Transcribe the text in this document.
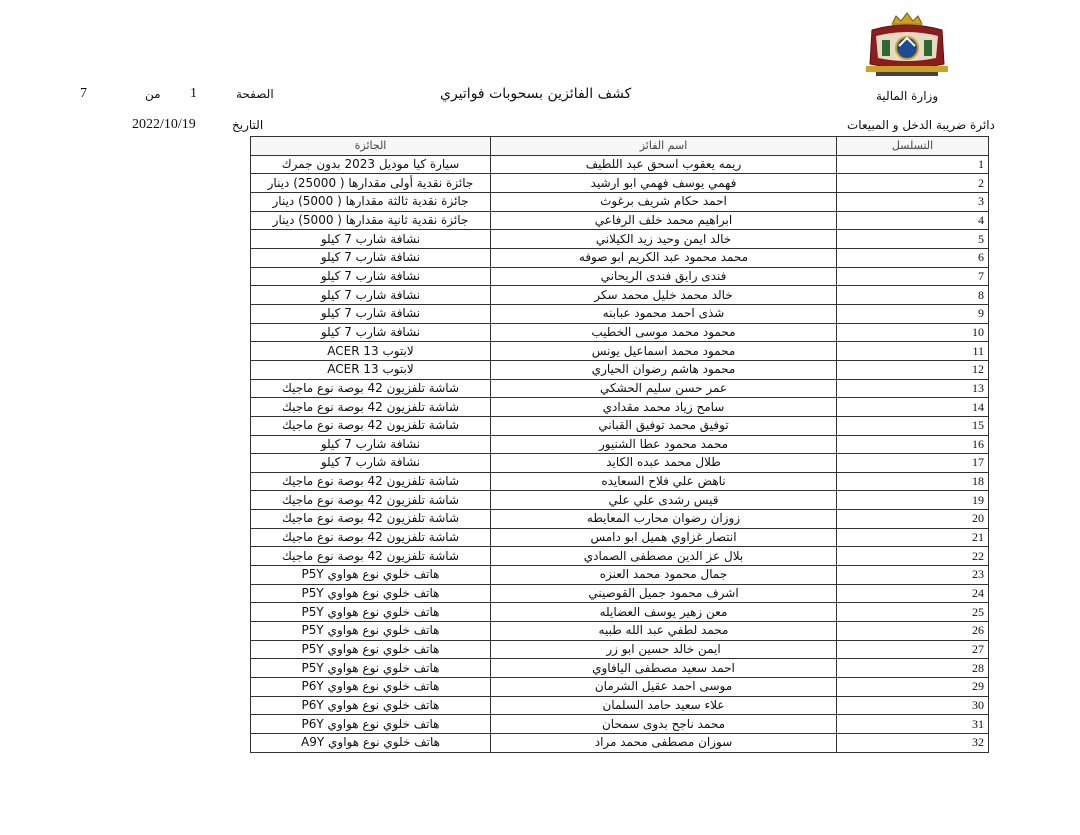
وزارة المالية
دائرة ضريبة الدخل و المبيعات
كشف الفائزين بسحوبات فواتيري
الصفحة
1
من
7
التاريخ
2022/10/19
التسلسل	اسم الفائز	الجائزة
1	ريمه يعقوب اسحق عبد اللطيف	سيارة كيا موديل 2023 بدون جمرك
2	فهمي يوسف فهمي ابو ارشيد	جائزة نقدية أولى مقدارها ( 25000) دينار
3	احمد حكام شريف برغوث	جائزة نقدية ثالثة مقدارها ( 5000) دينار
4	ابراهيم محمد خلف الرفاعي	جائزة نقدية ثانية مقدارها ( 5000) دينار
5	خالد ايمن وحيد زيد الكيلاني	نشافة شارب 7 كيلو
6	محمد محمود عبد الكريم ابو صوفه	نشافة شارب 7 كيلو
7	فندى رايق فندى الريحاني	نشافة شارب 7 كيلو
8	خالد محمد خليل محمد سكر	نشافة شارب 7 كيلو
9	شذى احمد محمود عبابنه	نشافة شارب 7 كيلو
10	محمود محمد موسى الخطيب	نشافة شارب 7 كيلو
11	محمود محمد اسماعيل يونس	لابتوب ACER 13
12	محمود هاشم رضوان الحياري	لابتوب ACER 13
13	عمر حسن سليم الحشكي	شاشة تلفزيون 42 بوصة نوع ماجيك
14	سامح زياد محمد مقدادي	شاشة تلفزيون 42 بوصة نوع ماجيك
15	توفيق محمد توفيق القباني	شاشة تلفزيون 42 بوصة نوع ماجيك
16	محمد محمود عطا الشنيور	نشافة شارب 7 كيلو
17	طلال محمد عبده الكايد	نشافة شارب 7 كيلو
18	ناهض علي فلاح السعايده	شاشة تلفزيون 42 بوصة نوع ماجيك
19	قيس رشدى علي علي	شاشة تلفزيون 42 بوصة نوع ماجيك
20	زوزان رضوان محارب المعايطه	شاشة تلفزيون 42 بوصة نوع ماجيك
21	انتصار غزاوي هميل ابو دامس	شاشة تلفزيون 42 بوصة نوع ماجيك
22	بلال عز الدين مصطفى الصمادي	شاشة تلفزيون 42 بوصة نوع ماجيك
23	جمال محمود محمد العنزه	هاتف خلوي نوع هواوي P5Y
24	اشرف محمود جميل القوصيني	هاتف خلوي نوع هواوي P5Y
25	معن زهير يوسف العضايله	هاتف خلوي نوع هواوي P5Y
26	محمد لطفي عبد الله طبيه	هاتف خلوي نوع هواوي P5Y
27	ايمن خالد حسين ابو زر	هاتف خلوي نوع هواوي P5Y
28	احمد سعيد مصطفى اليافاوي	هاتف خلوي نوع هواوي P5Y
29	موسى احمد عقيل الشرمان	هاتف خلوي نوع هواوي P6Y
30	علاء سعيد حامد السلمان	هاتف خلوي نوع هواوي P6Y
31	محمد ناجح بدوى سمحان	هاتف خلوي نوع هواوي P6Y
32	سوزان مصطفى محمد مراد	هاتف خلوي نوع هواوي A9Y
